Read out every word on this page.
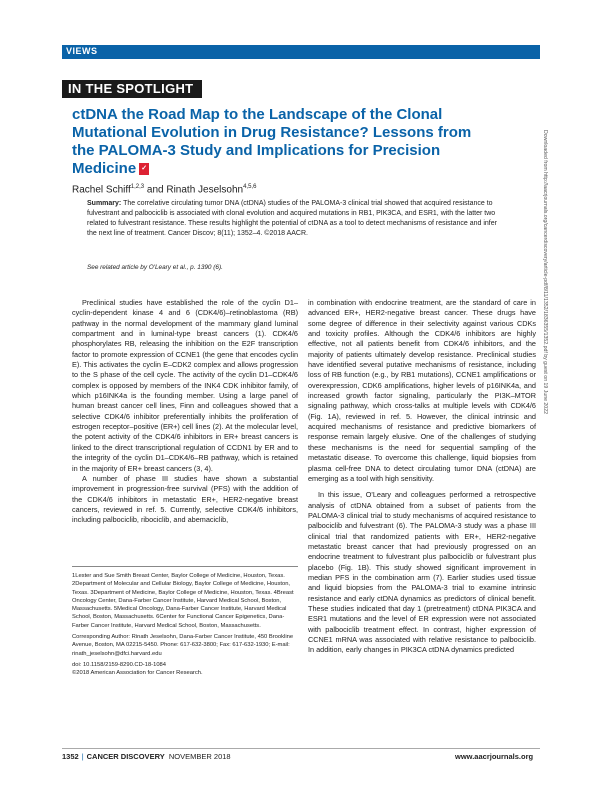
VIEWS
IN THE SPOTLIGHT
ctDNA the Road Map to the Landscape of the Clonal Mutational Evolution in Drug Resistance? Lessons from the PALOMA-3 Study and Implications for Precision Medicine ✓
Rachel Schiff$^{1,2,3}$ and Rinath Jeselsohn$^{4,5,6}$
Summary: The correlative circulating tumor DNA (ctDNA) studies of the PALOMA-3 clinical trial showed that acquired resistance to fulvestrant and palbociclib is associated with clonal evolution and acquired mutations in RB1, PIK3CA, and ESR1, with the latter two related to fulvestrant resistance. These results highlight the potential of ctDNA as a tool to detect mechanisms of resistance and infer the next line of treatment. Cancer Discov; 8(11); 1352–4. ©2018 AACR.
See related article by O'Leary et al., p. 1390 (6).	Downloaded from http://aacrjournals.org/cancerdiscovery/article-pdf/8/11/1352/1836355/1352.pdf by guest on 19 June 2022

Preclinical studies have established the role of the cyclin D1–cyclin-dependent kinase 4 and 6 (CDK4/6)–retinoblastoma (RB) pathway in the normal development of the mammary gland luminal compartment and in luminal-type breast cancers (1). CDK4/6 phosphorylates RB, releasing the inhibition on the E2F transcription factor to promote expression of CCNE1 (the gene that encodes cyclin E). This activates the cyclin E–CDK2 complex and allows progression to the S phase of the cell cycle. The activity of the cyclin D1–CDK4/6 complex is opposed by members of the INK4 CDK inhibitor family, of which p16INK4a is the founding member. Using a large panel of human breast cancer cell lines, Finn and colleagues showed that a selective CDK4/6 inhibitor preferentially inhibits the proliferation of estrogen receptor–positive (ER+) cell lines (2). At the molecular level, the potent activity of the CDK4/6 inhibitors in ER+ breast cancers is linked to the direct transcriptional regulation of CCDN1 by ER and to the integrity of the cyclin D1–CDK4/6–RB pathway, which is retained in the majority of ER+ breast cancers (3, 4).

A number of phase III studies have shown a substantial improvement in progression-free survival (PFS) with the addition of the CDK4/6 inhibitors in metastatic ER+, HER2-negative breast cancers, reviewed in ref. 5. Currently, selective CDK4/6 inhibitors, including palbociclib, ribociclib, and abemaciclib,

in combination with endocrine treatment, are the standard of care in advanced ER+, HER2-negative breast cancer. These drugs have some degree of difference in their selectivity against various CDKs and toxicity profiles. Although the CDK4/6 inhibitors are highly effective, not all patients benefit from CDK4/6 inhibitors, and the majority of patients ultimately develop resistance. Preclinical studies have identified several putative mechanisms of resistance, including loss of RB function (e.g., by RB1 mutations), CCNE1 amplifications or overexpression, CDK6 amplifications, higher levels of p16INK4a, and increased growth factor signaling, particularly the PI3K–MTOR signaling pathway, which cross-talks at multiple levels with CDK4/6 (Fig. 1A), reviewed in ref. 5. However, the clinical intrinsic and acquired mechanisms of resistance and predictive biomarkers of response remain largely elusive. One of the challenges of studying these mechanisms is the need for sequential sampling of the metastatic disease. To overcome this challenge, liquid biopsies from plasma cell-free DNA to detect circulating tumor DNA (ctDNA) are emerging as a tool with high sensitivity.

In this issue, O'Leary and colleagues performed a retrospective analysis of ctDNA obtained from a subset of patients from the PALOMA-3 clinical trial to study mechanisms of acquired resistance to palbociclib and fulvestrant (6). The PALOMA-3 study was a phase III clinical trial that randomized patients with ER+, HER2-negative metastatic breast cancer that had previously progressed on an endocrine treatment to fulvestrant plus palbociclib or fulvestrant plus placebo (Fig. 1B). This study showed significant improvement in median PFS in the combination arm (7). Earlier studies used tissue and liquid biopsies from the PALOMA-3 trial to examine intrinsic resistance and early ctDNA dynamics as predictors of clinical benefit. These studies indicated that day 1 (pretreatment) ctDNA PIK3CA and ESR1 mutations and the level of ER expression were not associated with palbociclib treatment effect. In contrast, higher expression of CCNE1 mRNA was associated with relative resistance to palbociclib. In addition, early changes in PIK3CA ctDNA dynamics predicted

1Lester and Sue Smith Breast Center, Baylor College of Medicine, Houston, Texas. 2Department of Molecular and Cellular Biology, Baylor College of Medicine, Houston, Texas. 3Department of Medicine, Baylor College of Medicine, Houston, Texas. 4Breast Oncology Center, Dana-Farber Cancer Institute, Harvard Medical School, Boston, Massachusetts. 5Medical Oncology, Dana-Farber Cancer Institute, Harvard Medical School, Boston, Massachusetts. 6Center for Functional Cancer Epigenetics, Dana-Farber Cancer Institute, Harvard Medical School, Boston, Massachusetts.

Corresponding Author: Rinath Jeselsohn, Dana-Farber Cancer Institute, 450 Brookline Avenue, Boston, MA 02215-5450. Phone: 617-632-3800; Fax: 617-632-1930; E-mail: rinath_jeselsohn@dfci.harvard.edu

doi: 10.1158/2159-8290.CD-18-1084

©2018 American Association for Cancer Research.

1352 | CANCER DISCOVERY NOVEMBER 2018	www.aacrjournals.org
